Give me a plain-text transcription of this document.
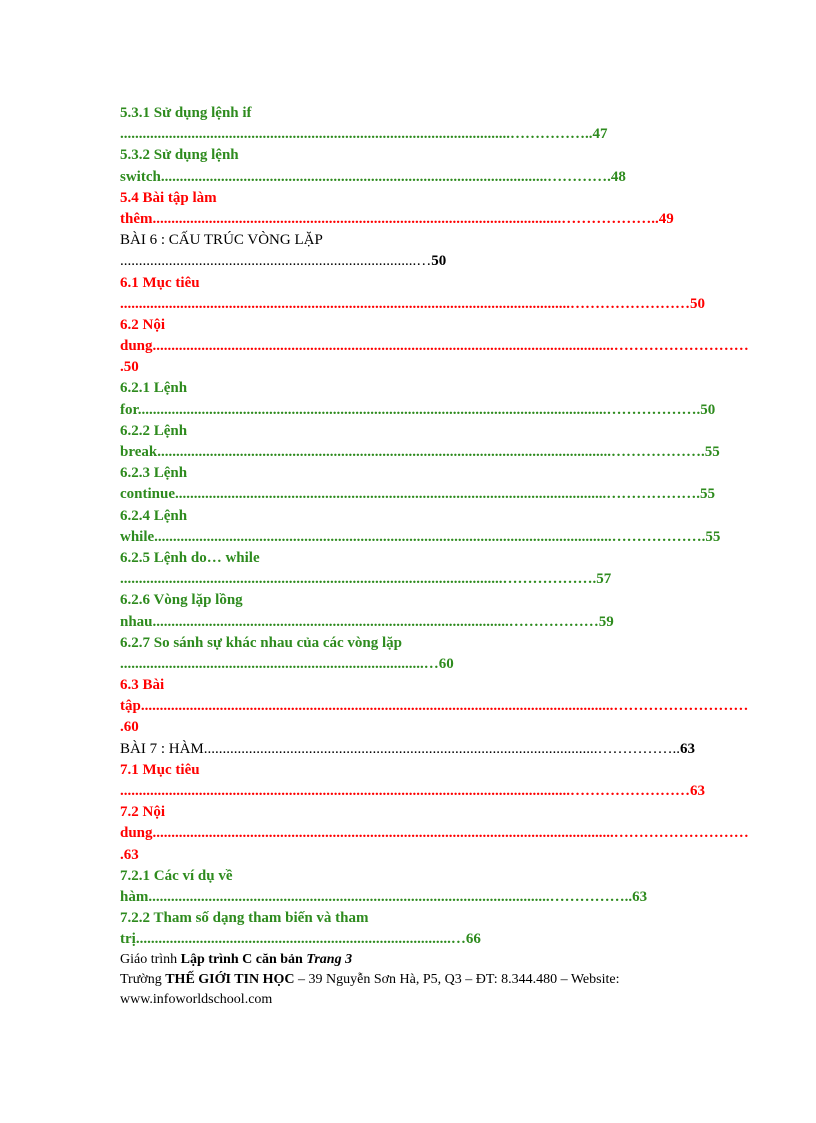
5.3.1 Sử dụng lệnh if
........................................................................................................……………..47
5.3.2 Sử dụng lệnh
switch.......................................................................................................………….48
5.4 Bài tập làm
thêm.............................................................................................................………………..49
BÀI 6 : CẤU TRÚC VÒNG LẶP
...............................................................................…50
6.1 Mục tiêu
........................................................................................................................……………………50
6.2 Nội
dung...........................................................................................................................………………………
.50
6.2.1 Lệnh
for.............................................................................................................................……………….50
6.2.2 Lệnh
break.........................................................................................................................……………….55
6.2.3 Lệnh
continue...................................................................................................................……………….55
6.2.4 Lệnh
while..........................................................................................................................……………….55
6.2.5 Lệnh do… while
......................................................................................................……………….57
6.2.6 Vòng lặp lồng
nhau...............................................................................................………………59
6.2.7 So sánh sự khác nhau của các vòng lặp
.................................................................................…60
6.3 Bài
tập..............................................................................................................................………………………
.60
BÀI 7 : HÀM.........................................................................................................……………..63
7.1 Mục tiêu
........................................................................................................................……………………63
7.2 Nội
dung...........................................................................................................................………………………
.63
7.2.1 Các ví dụ về
hàm...........................................................................................................……………..63
7.2.2 Tham số dạng tham biến và tham
trị....................................................................................…66
Giáo trình Lập trình C căn bản Trang 3
Trường THẾ GIỚI TIN HỌC – 39 Nguyễn Sơn Hà, P5, Q3 – ĐT: 8.344.480 – Website:
www.infoworldschool.com
